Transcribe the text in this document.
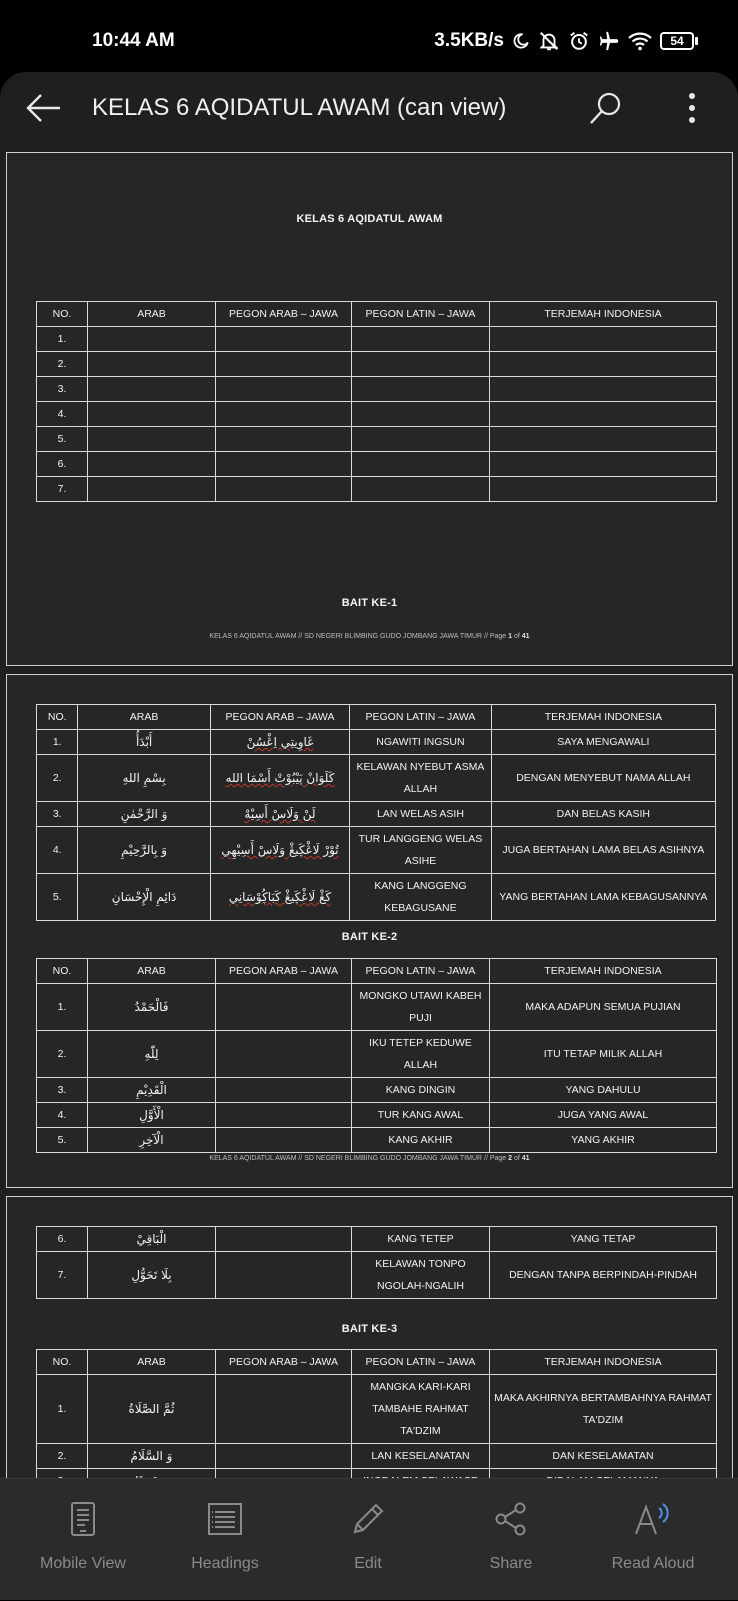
10:44 AM	3.5KB/s	54
KELAS 6 AQIDATUL AWAM (can view)
KELAS 6 AQIDATUL AWAM
NO.	ARAB	PEGON ARAB – JAWA	PEGON LATIN – JAWA	TERJEMAH INDONESIA
1.				
2.				
3.				
4.				
5.				
6.				
7.				
BAIT KE-1
KELAS 6 AQIDATUL AWAM // SD NEGERI BLIMBING GUDO JOMBANG JAWA TIMUR // Page 1 of 41
NO.	ARAB	PEGON ARAB – JAWA	PEGON LATIN – JAWA	TERJEMAH INDONESIA
1.	أَبْدَأُ	غَاوِيتِي اِڠْسُنْ	NGAWITI INGSUN	SAYA MENGAWALI
2.	بِسْمِ اللهِ	كَلَوَانْ ڽَيْبُوْتْ أَسْمَا الله	KELAWAN NYEBUT ASMA ALLAH	DENGAN MENYEBUT NAMA ALLAH
3.	وَ الرَّحْمٰنِ	لَنْ وَلَاسْ أَسِيْهْ	LAN WELAS ASIH	DAN BELAS KASIH
4.	وَ بِالرَّحِيْمِ	تُوْرْ لَاڠْڮَيڠْ وَلَاسْ أَسِيْهِي	TUR LANGGENG WELAS ASIHE	JUGA BERTAHAN LAMA BELAS ASIHNYA
5.	دَائِمِ الْإِحْسَانِ	كَڠْ لَاڠْڮَيڠْ كَبَاڮُوْسَانِي	KANG LANGGENG KEBAGUSANE	YANG BERTAHAN LAMA KEBAGUSANNYA
BAIT KE-2
NO.	ARAB	PEGON ARAB – JAWA	PEGON LATIN – JAWA	TERJEMAH INDONESIA
1.	فَالْحَمْدُ		MONGKO UTAWI KABEH PUJI	MAKA ADAPUN SEMUA PUJIAN
2.	لِلّٰهِ		IKU TETEP KEDUWE ALLAH	ITU TETAP MILIK ALLAH
3.	الْقَدِيْمِ		KANG DINGIN	YANG DAHULU
4.	الْأَوَّلِ		TUR KANG AWAL	JUGA YANG AWAL
5.	الْآخِرِ		KANG AKHIR	YANG AKHIR
KELAS 6 AQIDATUL AWAM // SD NEGERI BLIMBING GUDO JOMBANG JAWA TIMUR // Page 2 of 41
6.	الْبَاقِيْ		KANG TETEP	YANG TETAP
7.	بِلَا تَحَوُّلِ		KELAWAN TONPO NGOLAH-NGALIH	DENGAN TANPA BERPINDAH-PINDAH
BAIT KE-3
NO.	ARAB	PEGON ARAB – JAWA	PEGON LATIN – JAWA	TERJEMAH INDONESIA
1.	ثُمَّ الصَّلَاةُ		MANGKA KARI-KARI TAMBAHE RAHMAT TA'DZIM	MAKA AKHIRNYA BERTAMBAHNYA RAHMAT TA'DZIM
2.	وَ السَّلَامُ		LAN KESELANATAN	DAN KESELAMATAN

Mobile View	Headings	Edit	Share	Read Aloud
